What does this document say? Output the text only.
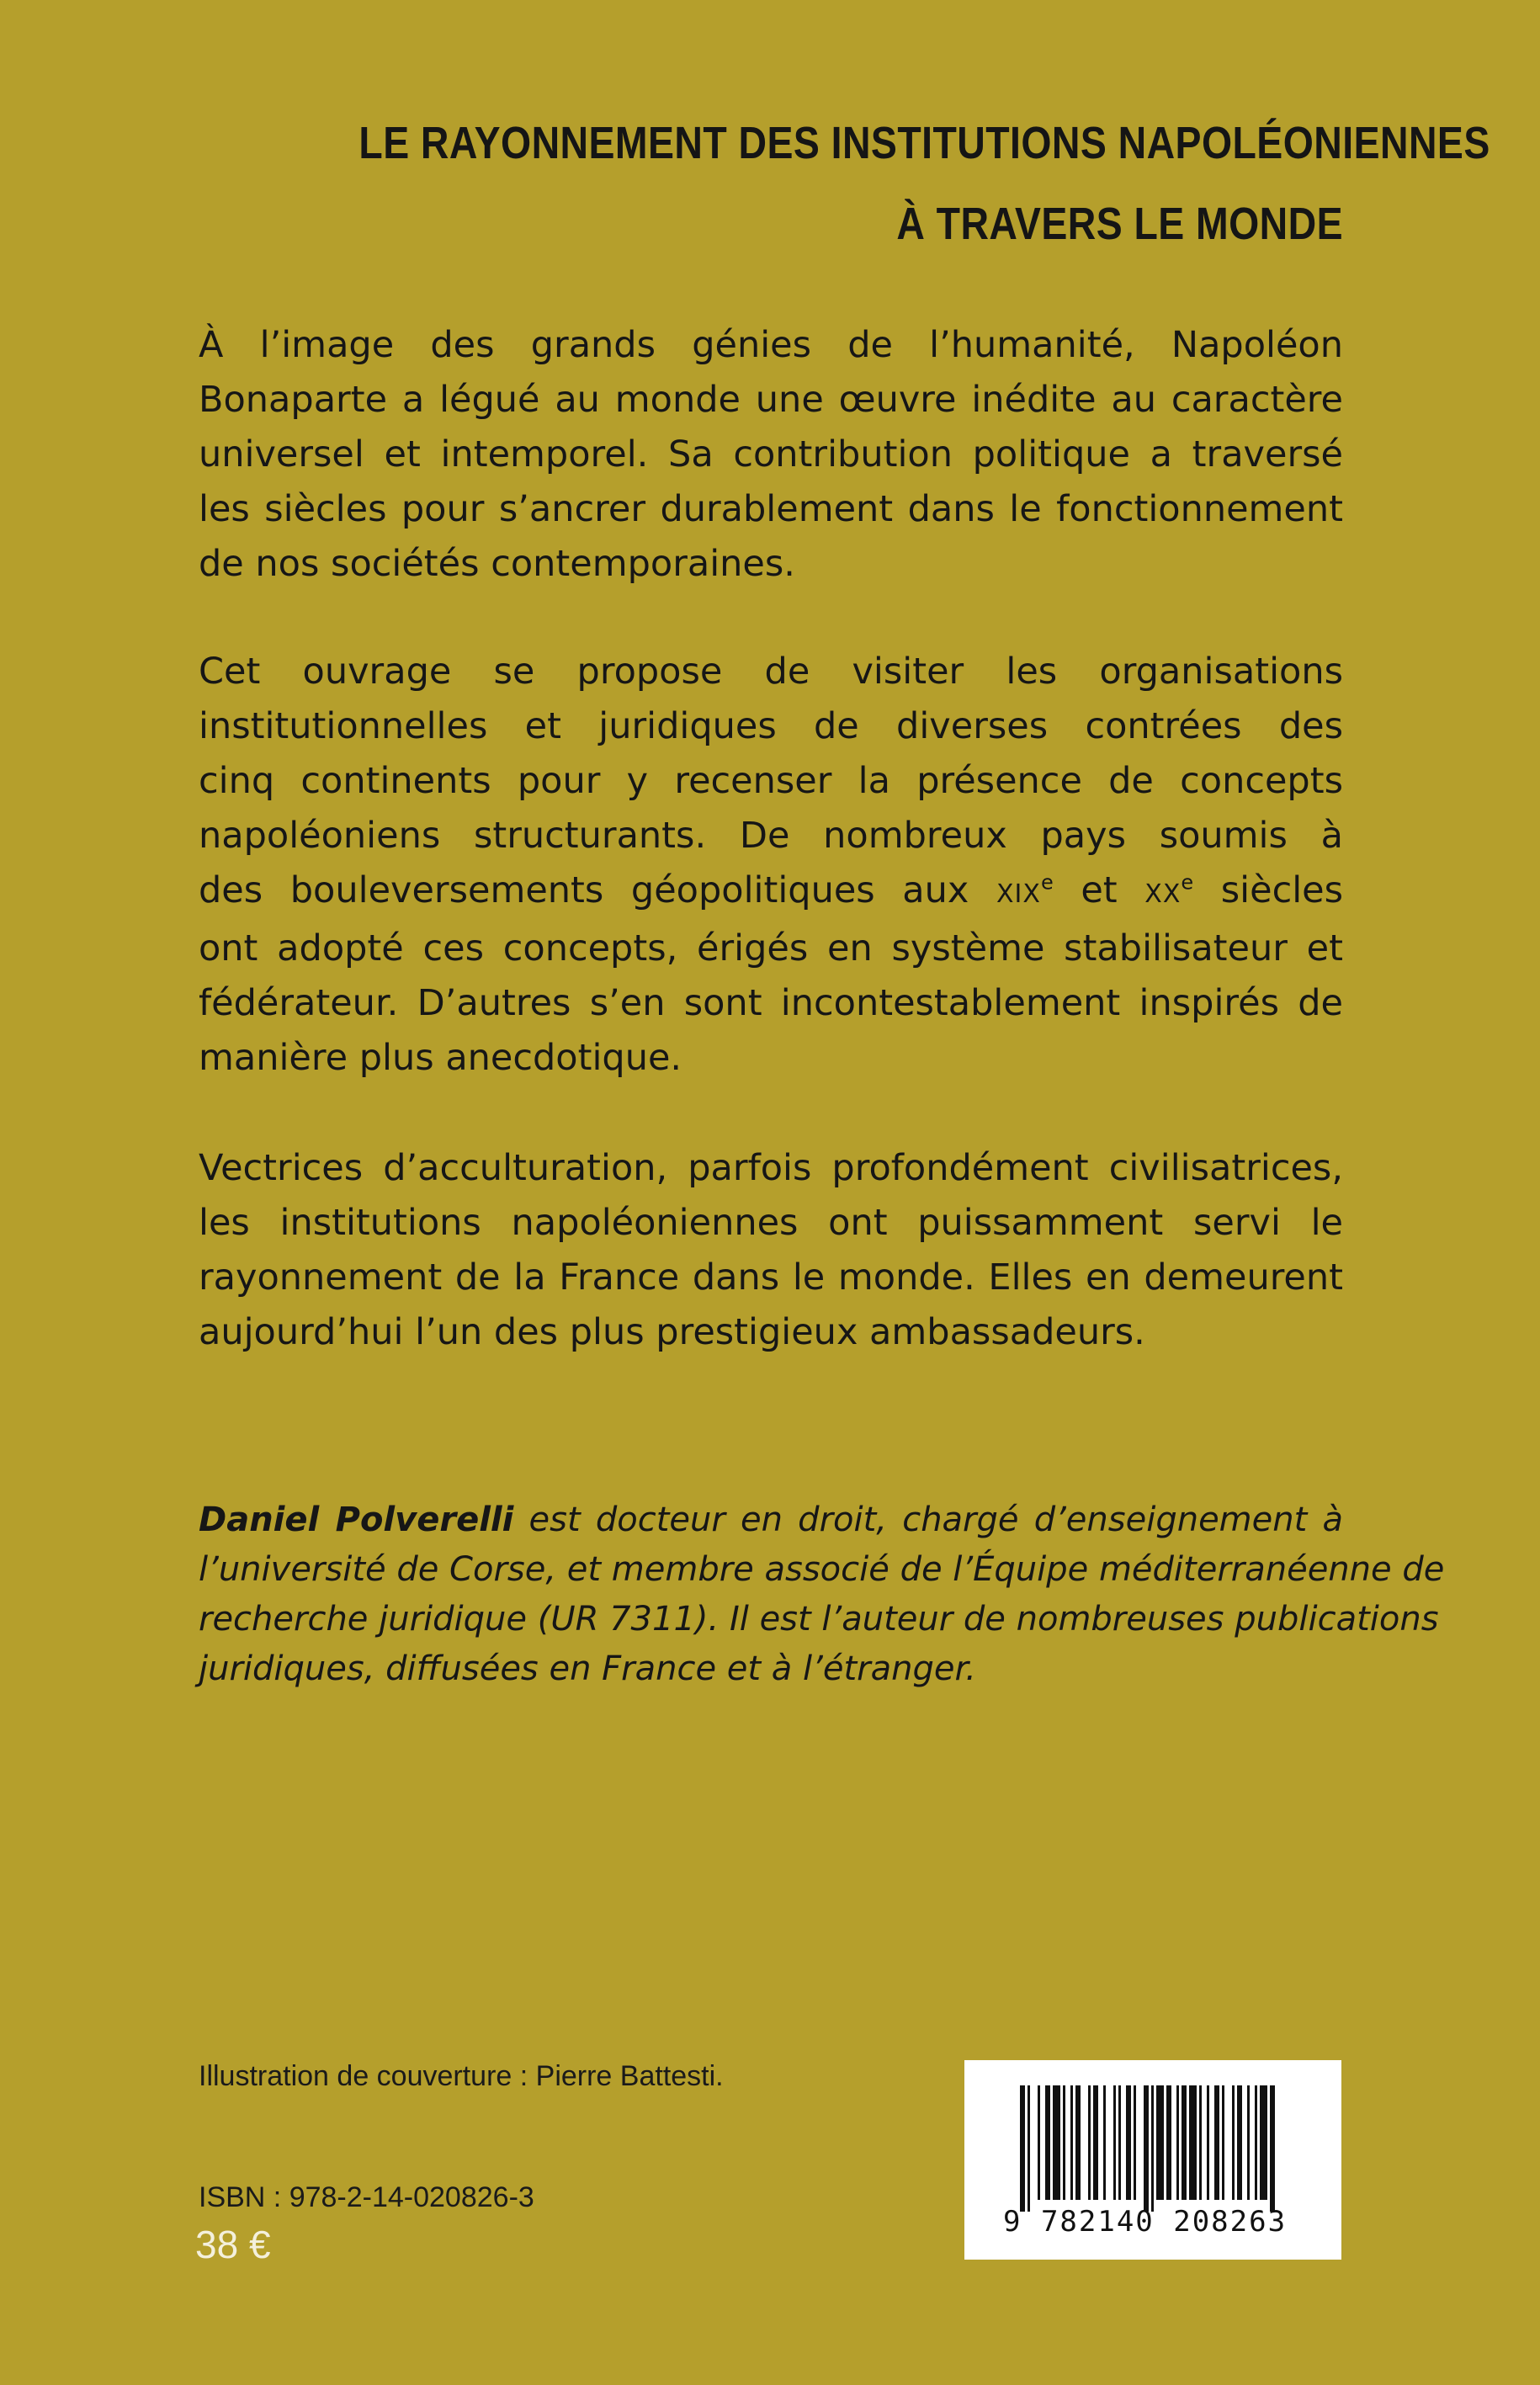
LE RAYONNEMENT DES INSTITUTIONS NAPOLÉONIENNES
À TRAVERS LE MONDE
À l’image des grands génies de l’humanité, Napoléon
Bonaparte a légué au monde une œuvre inédite au caractère
universel et intemporel. Sa contribution politique a traversé
les siècles pour s’ancrer durablement dans le fonctionnement
de nos sociétés contemporaines.
Cet ouvrage se propose de visiter les organisations
institutionnelles et juridiques de diverses contrées des
cinq continents pour y recenser la présence de concepts
napoléoniens structurants. De nombreux pays soumis à
des bouleversements géopolitiques aux XIXe et XXe siècles
ont adopté ces concepts, érigés en système stabilisateur et
fédérateur. D’autres s’en sont incontestablement inspirés de
manière plus anecdotique.
Vectrices d’acculturation, parfois profondément civilisatrices,
les institutions napoléoniennes ont puissamment servi le
rayonnement de la France dans le monde. Elles en demeurent
aujourd’hui l’un des plus prestigieux ambassadeurs.
Daniel Polverelli est docteur en droit, chargé d’enseignement à
l’université de Corse, et membre associé de l’Équipe méditerranéenne de
recherche juridique (UR 7311). Il est l’auteur de nombreuses publications
juridiques, diffusées en France et à l’étranger.
Illustration de couverture : Pierre Battesti.
ISBN : 978-2-14-020826-3
38 €
9 782140 208263
